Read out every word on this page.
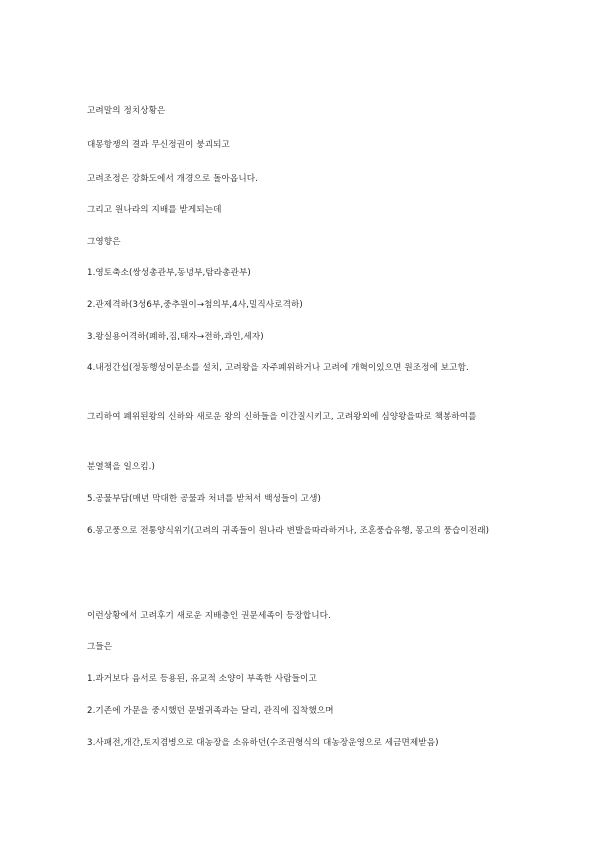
고려말의 정치상황은
대몽항쟁의 결과 무신정권이 붕괴되고
고려조정은 강화도에서 개경으로 돌아옵니다.
그리고 원나라의 지배를 받게되는데
그영향은
1.영토축소(쌍성총관부,동녕부,탐라총관부)
2.관제격하(3성6부,중추원이→첨의부,4사,밀직사로격하)
3.왕실용어격하(폐하,짐,태자→전하,과인,세자)
4.내정간섭(정동행성이문소를 설치, 고려왕을 자주폐위하거나 고려에 개혁이있으면 원조정에 보고함.
그리하여 폐위된왕의 신하와 새로운 왕의 신하들을 이간질시키고, 고려왕외에 심양왕을따로 책봉하여를
분열책을 일으킴.)
5.공물부담(매년 막대한 공물과 처녀를 받쳐서 백성들이 고생)
6.몽고풍으로 전통양식위기(고려의 귀족들이 원나라 변발을따라하거나, 조혼풍습유행, 몽고의 풍습이전래)
이런상황에서 고려후기 새로운 지배층인 권문세족이 등장합니다.
그들은
1.과거보다 음서로 등용된, 유교적 소양이 부족한 사람들이고
2.기존에 가문을 중시했던 문벌귀족과는 달리, 관직에 집착했으며
3.사패전,개간,토지겸병으로 대농장을 소유하던(수조권형식의 대농장운영으로 세금면제받음)
